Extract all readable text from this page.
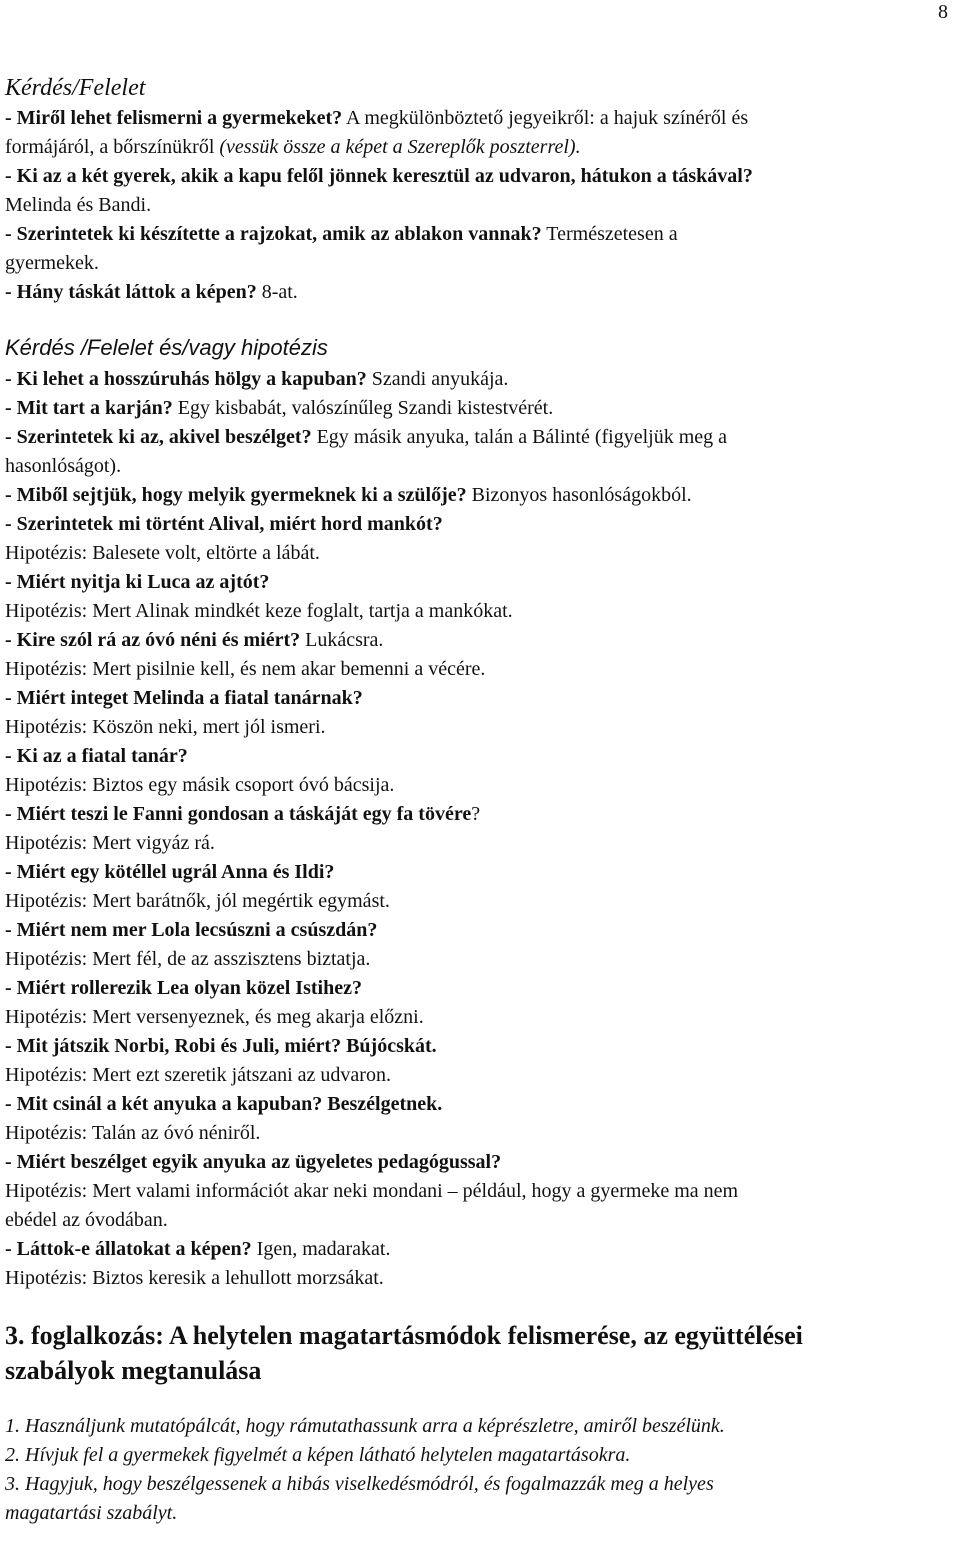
8
Kérdés/Felelet
- Miről lehet felismerni a gyermekeket? A megkülönböztető jegyeikről: a hajuk színéről és
formájáról, a bőrszínükről (vessük össze a képet a Szereplők poszterrel).
- Ki az a két gyerek, akik a kapu felől jönnek keresztül az udvaron, hátukon a táskával?
Melinda és Bandi.
- Szerintetek ki készítette a rajzokat, amik az ablakon vannak? Természetesen a
gyermekek.
- Hány táskát láttok a képen? 8-at.
Kérdés /Felelet és/vagy hipotézis
- Ki lehet a hosszúruhás hölgy a kapuban? Szandi anyukája.
- Mit tart a karján? Egy kisbabát, valószínűleg Szandi kistestvérét.
- Szerintetek ki az, akivel beszélget? Egy másik anyuka, talán a Bálinté (figyeljük meg a
hasonlóságot).
- Miből sejtjük, hogy melyik gyermeknek ki a szülője? Bizonyos hasonlóságokból.
- Szerintetek mi történt Alival, miért hord mankót?
Hipotézis: Balesete volt, eltörte a lábát.
- Miért nyitja ki Luca az ajtót?
Hipotézis: Mert Alinak mindkét keze foglalt, tartja a mankókat.
- Kire szól rá az óvó néni és miért? Lukácsra.
Hipotézis: Mert pisilnie kell, és nem akar bemenni a vécére.
- Miért integet Melinda a fiatal tanárnak?
Hipotézis: Köszön neki, mert jól ismeri.
- Ki az a fiatal tanár?
Hipotézis: Biztos egy másik csoport óvó bácsija.
- Miért teszi le Fanni gondosan a táskáját egy fa tövére?
Hipotézis: Mert vigyáz rá.
- Miért egy kötéllel ugrál Anna és Ildi?
Hipotézis: Mert barátnők, jól megértik egymást.
- Miért nem mer Lola lecsúszni a csúszdán?
Hipotézis: Mert fél, de az asszisztens biztatja.
- Miért rollerezik Lea olyan közel Istihez?
Hipotézis: Mert versenyeznek, és meg akarja előzni.
- Mit játszik Norbi, Robi és Juli, miért? Bújócskát.
Hipotézis: Mert ezt szeretik játszani az udvaron.
- Mit csinál a két anyuka a kapuban? Beszélgetnek.
Hipotézis: Talán az óvó néniről.
- Miért beszélget egyik anyuka az ügyeletes pedagógussal?
Hipotézis: Mert valami információt akar neki mondani – például, hogy a gyermeke ma nem
ebédel az óvodában.
- Láttok-e állatokat a képen? Igen, madarakat.
Hipotézis: Biztos keresik a lehullott morzsákat.
3. foglalkozás: A helytelen magatartásmódok felismerése, az együttélései
szabályok megtanulása
1. Használjunk mutatópálcát, hogy rámutathassunk arra a képrészletre, amiről beszélünk.
2. Hívjuk fel a gyermekek figyelmét a képen látható helytelen magatartásokra.
3. Hagyjuk, hogy beszélgessenek a hibás viselkedésmódról, és fogalmazzák meg a helyes
magatartási szabályt.
